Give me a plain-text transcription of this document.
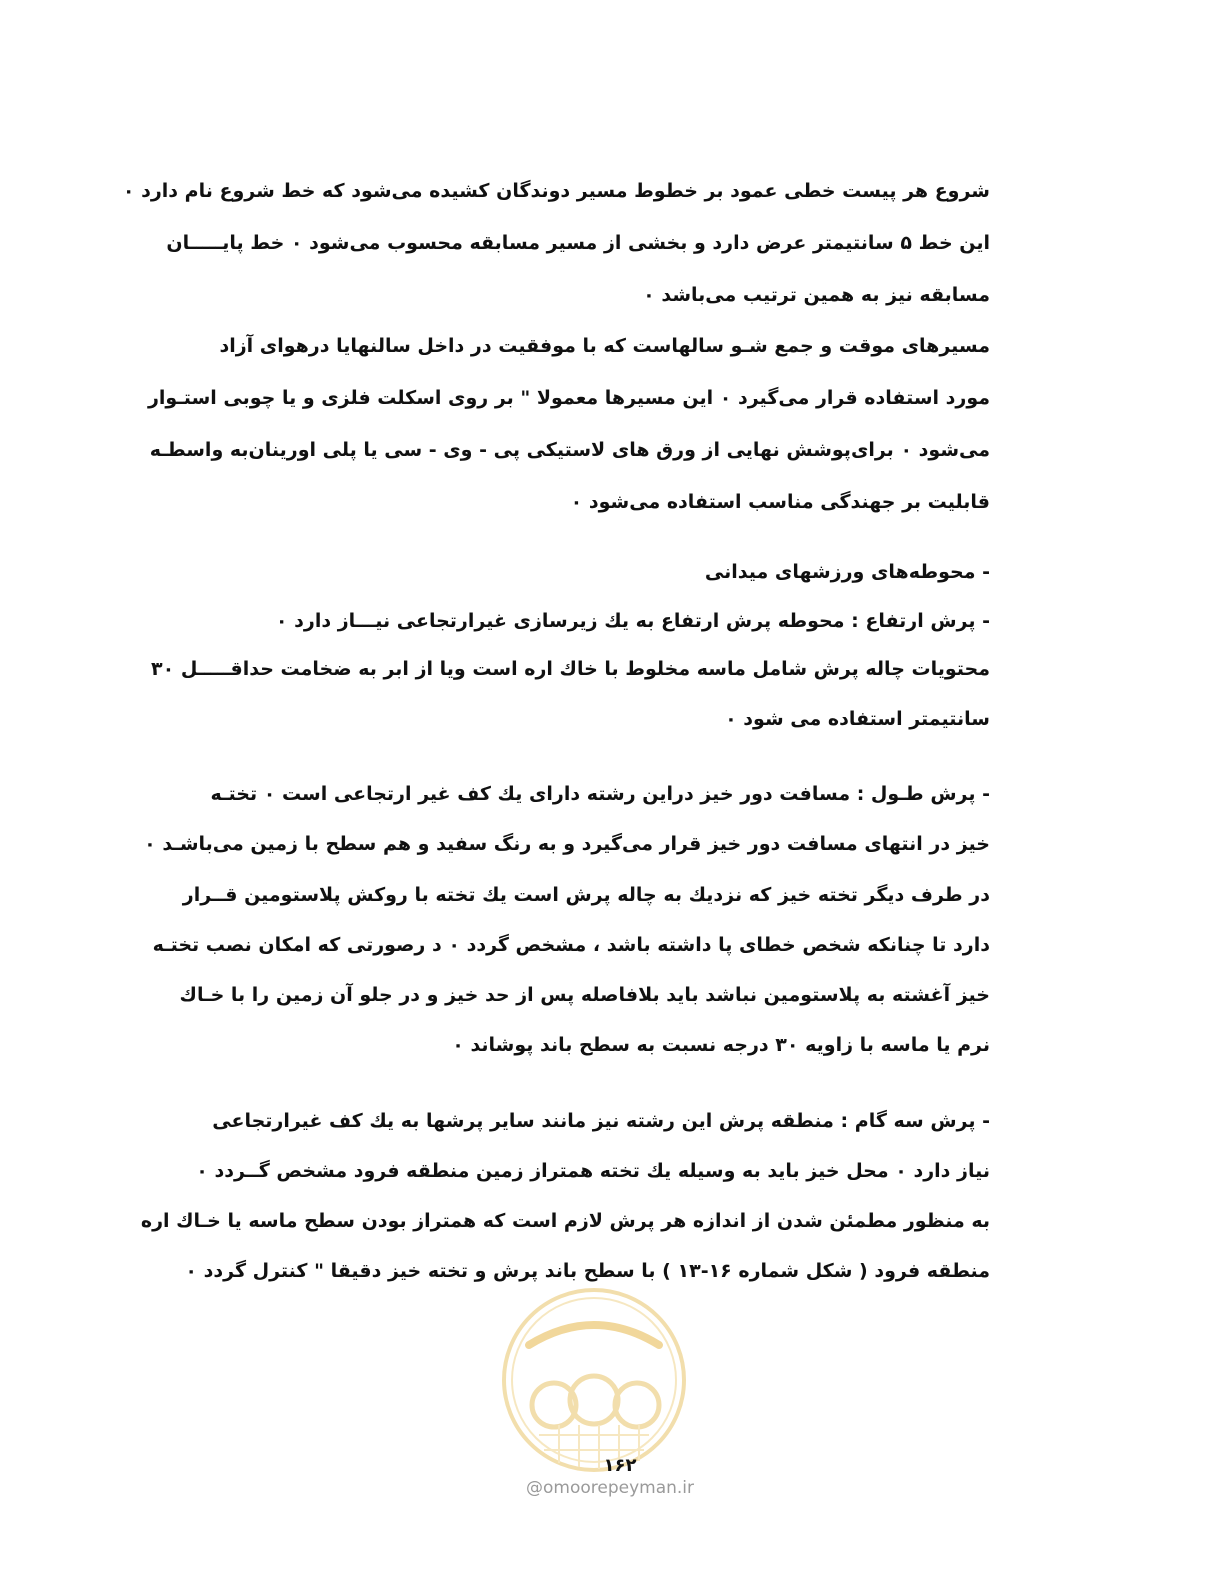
شروع هر پیست خطی عمود بر خطوط مسیر دوندگان کشیده می‌شود که خط شروع نام دارد ۰
این خط ۵ سانتیمتر عرض دارد و بخشی از مسیر مسابقه محسوب می‌شود ۰ خط پایـــــان
مسابقه نیز به همین ترتیب می‌باشد ۰
مسیرهای موقت و جمع شـو سالهاست که با موفقیت در داخل سالنهایا درهوای آزاد
مورد استفاده قرار می‌گیرد ۰ این مسیرها معمولا " بر روی اسکلت فلزی و یا چوبی استـوار
می‌شود ۰ برای‌پوشش نهایی از ورق های لاستیکی پی - وی - سی یا پلی اورینان‌به واسطـه
قابلیت بر جهندگی مناسب استفاده می‌شود ۰
- محوطه‌های ورزشهای میدانی
- پرش ارتفاع : محوطه پرش ارتفاع به یك زیرسازی غیرارتجاعی نیـــاز دارد ۰
محتویات چاله پرش شامل ماسه مخلوط با خاك اره است ویا از ابر به ضخامت حداقـــــل ۳۰
سانتیمتر استفاده می شود ۰
- پرش طـول : مسافت دور خیز دراین رشته دارای یك کف غیر ارتجاعی است ۰ تختـه
خیز در انتهای مسافت دور خیز قرار می‌گیرد و به رنگ سفید و هم سطح با زمین می‌باشـد ۰
در طرف دیگر تخته خیز که نزدیك به چاله پرش است یك تخته با روکش پلاستومین قــرار
دارد تا چنانکه شخص خطای پا داشته باشد ، مشخص گردد ۰ د رصورتی که امکان نصب تختـه
خیز آغشته به پلاستومین نباشد باید بلافاصله پس از حد خیز و در جلو آن زمین را با خـاك
نرم یا ماسه با زاویه ۳۰ درجه نسبت به سطح باند پوشاند ۰
- پرش سه گام : منطقه پرش این رشته نیز مانند سایر پرشها به یك کف غیرارتجاعی
نیاز دارد ۰ محل خیز باید به وسیله یك تخته همتراز زمین منطقه فرود مشخص گــردد ۰
به منظور مطمئن شدن از اندازه هر پرش لازم است که همتراز بودن سطح ماسه یا خـاك اره
منطقه فرود ( شکل شماره ۱۶-۱۳ ) با سطح باند پرش و تخته خیز دقیقا " کنترل گردد ۰
۱۶۲
@omoorepeyman.ir
